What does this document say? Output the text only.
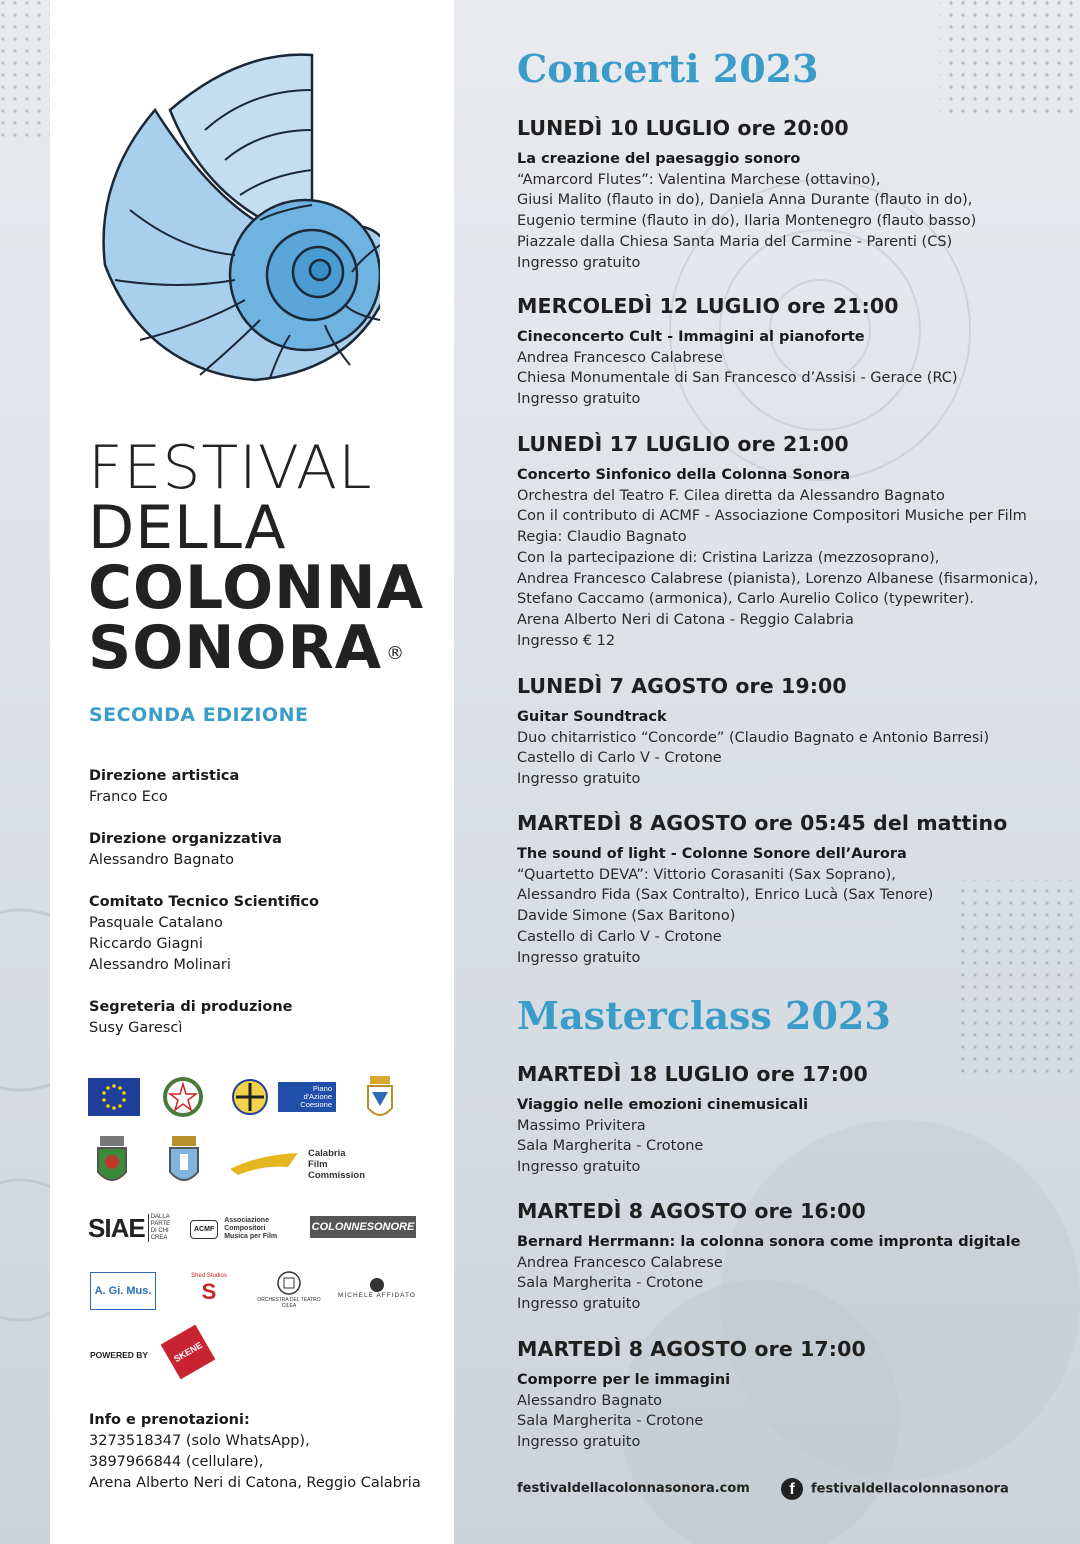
FESTIVAL
DELLA
COLONNA
SONORA ®
SECONDA EDIZIONE
Direzione artistica
Franco Eco
Direzione organizzativa
Alessandro Bagnato
Comitato Tecnico Scientifico
Pasquale Catalano
Riccardo Giagni
Alessandro Molinari
Segreteria di produzione
Susy Garescì
Piano
d'Azione
Coesione
Calabria
Film
Commission
SIAE DALLA
PARTE
DI CHI
CREA
ACMF
Associazione
Compositori
Musica per Film
COLONNESONORE
A. Gi. Mus.
Shed Studios
S	ORCHESTRA DEL TEATRO CILEA
MICHELE AFFIDATO
POWERED BY	SKENE
Info e prenotazioni:
3273518347 (solo WhatsApp),
3897966844 (cellulare),
Arena Alberto Neri di Catona, Reggio Calabria
Concerti 2023
LUNEDÌ 10 LUGLIO ore 20:00
La creazione del paesaggio sonoro
“Amarcord Flutes”: Valentina Marchese (ottavino),
Giusi Malito (flauto in do), Daniela Anna Durante (flauto in do),
Eugenio termine (flauto in do), Ilaria Montenegro (flauto basso)
Piazzale dalla Chiesa Santa Maria del Carmine - Parenti (CS)
Ingresso gratuito
MERCOLEDÌ 12 LUGLIO ore 21:00
Cineconcerto Cult - Immagini al pianoforte
Andrea Francesco Calabrese
Chiesa Monumentale di San Francesco d’Assisi - Gerace (RC)
Ingresso gratuito
LUNEDÌ 17 LUGLIO ore 21:00
Concerto Sinfonico della Colonna Sonora
Orchestra del Teatro F. Cilea diretta da Alessandro Bagnato
Con il contributo di ACMF - Associazione Compositori Musiche per Film
Regia: Claudio Bagnato
Con la partecipazione di: Cristina Larizza (mezzosoprano),
Andrea Francesco Calabrese (pianista), Lorenzo Albanese (fisarmonica),
Stefano Caccamo (armonica), Carlo Aurelio Colico (typewriter).
Arena Alberto Neri di Catona - Reggio Calabria
Ingresso € 12
LUNEDÌ 7 AGOSTO ore 19:00
Guitar Soundtrack
Duo chitarristico “Concorde” (Claudio Bagnato e Antonio Barresi)
Castello di Carlo V - Crotone
Ingresso gratuito
MARTEDÌ 8 AGOSTO ore 05:45 del mattino
The sound of light - Colonne Sonore dell’Aurora
“Quartetto DEVA”: Vittorio Corasaniti (Sax Soprano),
Alessandro Fida (Sax Contralto), Enrico Lucà (Sax Tenore)
Davide Simone (Sax Baritono)
Castello di Carlo V - Crotone
Ingresso gratuito
Masterclass 2023
MARTEDÌ 18 LUGLIO ore 17:00
Viaggio nelle emozioni cinemusicali
Massimo Privitera
Sala Margherita - Crotone
Ingresso gratuito
MARTEDÌ 8 AGOSTO ore 16:00
Bernard Herrmann: la colonna sonora come impronta digitale
Andrea Francesco Calabrese
Sala Margherita - Crotone
Ingresso gratuito
MARTEDÌ 8 AGOSTO ore 17:00
Comporre per le immagini
Alessandro Bagnato
Sala Margherita - Crotone
Ingresso gratuito
festivaldellacolonnasonora.com	f festivaldellacolonnasonora
